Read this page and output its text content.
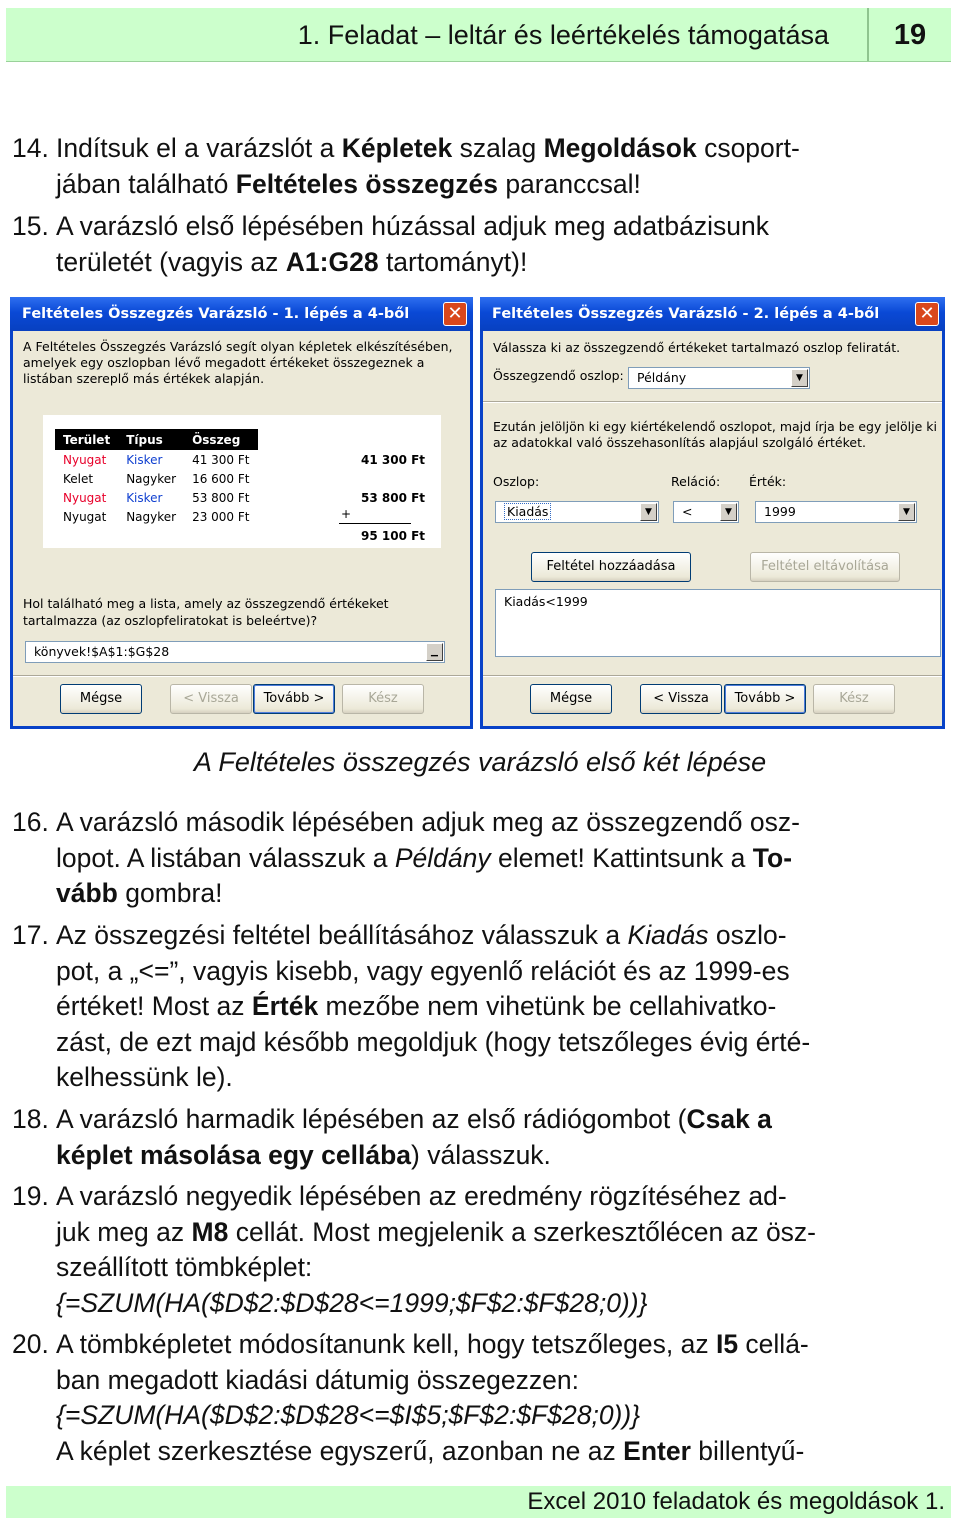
1. Feladat – leltár és leértékelés támogatása	19
14. Indítsuk el a varázslót a Képletek szalag Megoldások csoport-
jában található Feltételes összegzés paranccsal!
15. A varázsló első lépésében húzással adjuk meg adatbázisunk
területét (vagyis az A1:G28 tartományt)!
Feltételes Összegzés Varázsló - 1. lépés a 4-ből ✕
A Feltételes Összegzés Varázsló segít olyan képletek elkészítésében,
amelyek egy oszlopban lévő megadott értékeket összegeznek a
listában szereplő más értékek alapján.
Terület	Típus	Összeg
Nyugat	Kisker	41 300 Ft
Kelet	Nagyker	16 600 Ft
Nyugat	Kisker	53 800 Ft
Nyugat	Nagyker	23 000 Ft
41 300 Ft
53 800 Ft
+
95 100 Ft
Hol található meg a lista, amely az összegzendő értékeket
tartalmazza (az oszlopfeliratokat is beleértve)?
könyvek!$A$1:$G$28	▁
Mégse	< Vissza	Tovább >	Kész
Feltételes Összegzés Varázsló - 2. lépés a 4-ből ✕
Válassza ki az összegzendő értékeket tartalmazó oszlop feliratát.
Összegzendő oszlop:	Példány	▼
Ezután jelöljön ki egy kiértékelendő oszlopot, majd írja be egy jelölje ki
az adatokkal való összehasonlítás alapjául szolgáló értéket.
Oszlop:	Reláció: Érték:
Kiadás	▼	<	▼	1999	▼
Feltétel hozzáadása	Feltétel eltávolítása
Kiadás<1999
Mégse	< Vissza	Tovább >	Kész
A Feltételes összegzés varázsló első két lépése
16. A varázsló második lépésében adjuk meg az összegzendő osz-
lopot. A listában válasszuk a Példány elemet! Kattintsunk a To-
vább gombra!
17. Az összegzési feltétel beállításához válasszuk a Kiadás oszlo-
pot, a „<=”, vagyis kisebb, vagy egyenlő relációt és az 1999-es
értéket! Most az Érték mezőbe nem vihetünk be cellahivatko-
zást, de ezt majd később megoldjuk (hogy tetszőleges évig érté-
kelhessünk le).
18. A varázsló harmadik lépésében az első rádiógombot (Csak a
képlet másolása egy cellába) válasszuk.
19. A varázsló negyedik lépésében az eredmény rögzítéséhez ad-
juk meg az M8 cellát. Most megjelenik a szerkesztőlécen az ösz-
szeállított tömbképlet:
{=SZUM(HA($D$2:$D$28<=1999;$F$2:$F$28;0))}
20. A tömbképletet módosítanunk kell, hogy tetszőleges, az I5 cellá-
ban megadott kiadási dátumig összegezzen:
{=SZUM(HA($D$2:$D$28<=$I$5;$F$2:$F$28;0))}
A képlet szerkesztése egyszerű, azonban ne az Enter billentyű-
Excel 2010 feladatok és megoldások 1.
